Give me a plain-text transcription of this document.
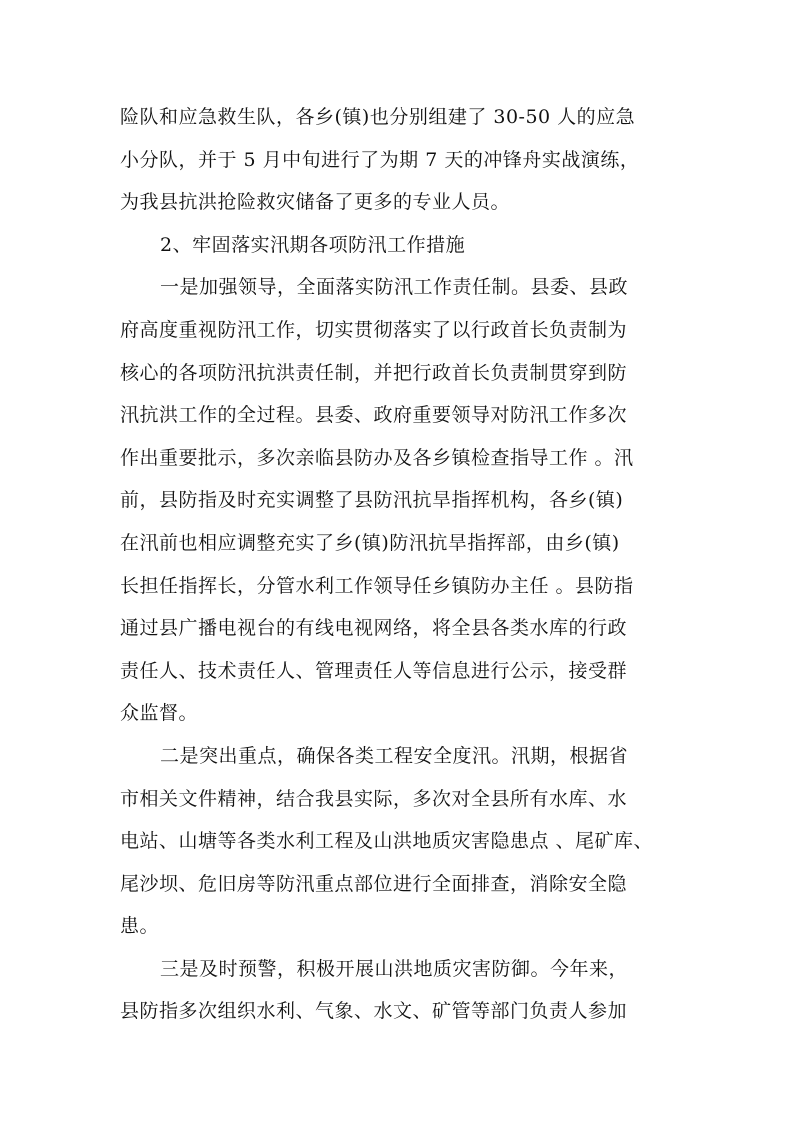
险队和应急救生队，各乡(镇)也分别组建了 30-50 人的应急
小分队，并于 5 月中旬进行了为期 7 天的冲锋舟实战演练，
为我县抗洪抢险救灾储备了更多的专业人员。
2、牢固落实汛期各项防汛工作措施
一是加强领导，全面落实防汛工作责任制。县委、县政
府高度重视防汛工作，切实贯彻落实了以行政首长负责制为
核心的各项防汛抗洪责任制，并把行政首长负责制贯穿到防
汛抗洪工作的全过程。县委、政府重要领导对防汛工作多次
作出重要批示，多次亲临县防办及各乡镇检查指导工作 。汛
前，县防指及时充实调整了县防汛抗旱指挥机构，各乡(镇)
在汛前也相应调整充实了乡(镇)防汛抗旱指挥部，由乡(镇)
长担任指挥长，分管水利工作领导任乡镇防办主任 。县防指
通过县广播电视台的有线电视网络，将全县各类水库的行政
责任人、技术责任人、管理责任人等信息进行公示，接受群
众监督。
二是突出重点，确保各类工程安全度汛。汛期，根据省
市相关文件精神，结合我县实际，多次对全县所有水库、水
电站、山塘等各类水利工程及山洪地质灾害隐患点 、尾矿库、
尾沙坝、危旧房等防汛重点部位进行全面排查，消除安全隐
患。
三是及时预警，积极开展山洪地质灾害防御。今年来，
县防指多次组织水利、气象、水文、矿管等部门负责人参加
